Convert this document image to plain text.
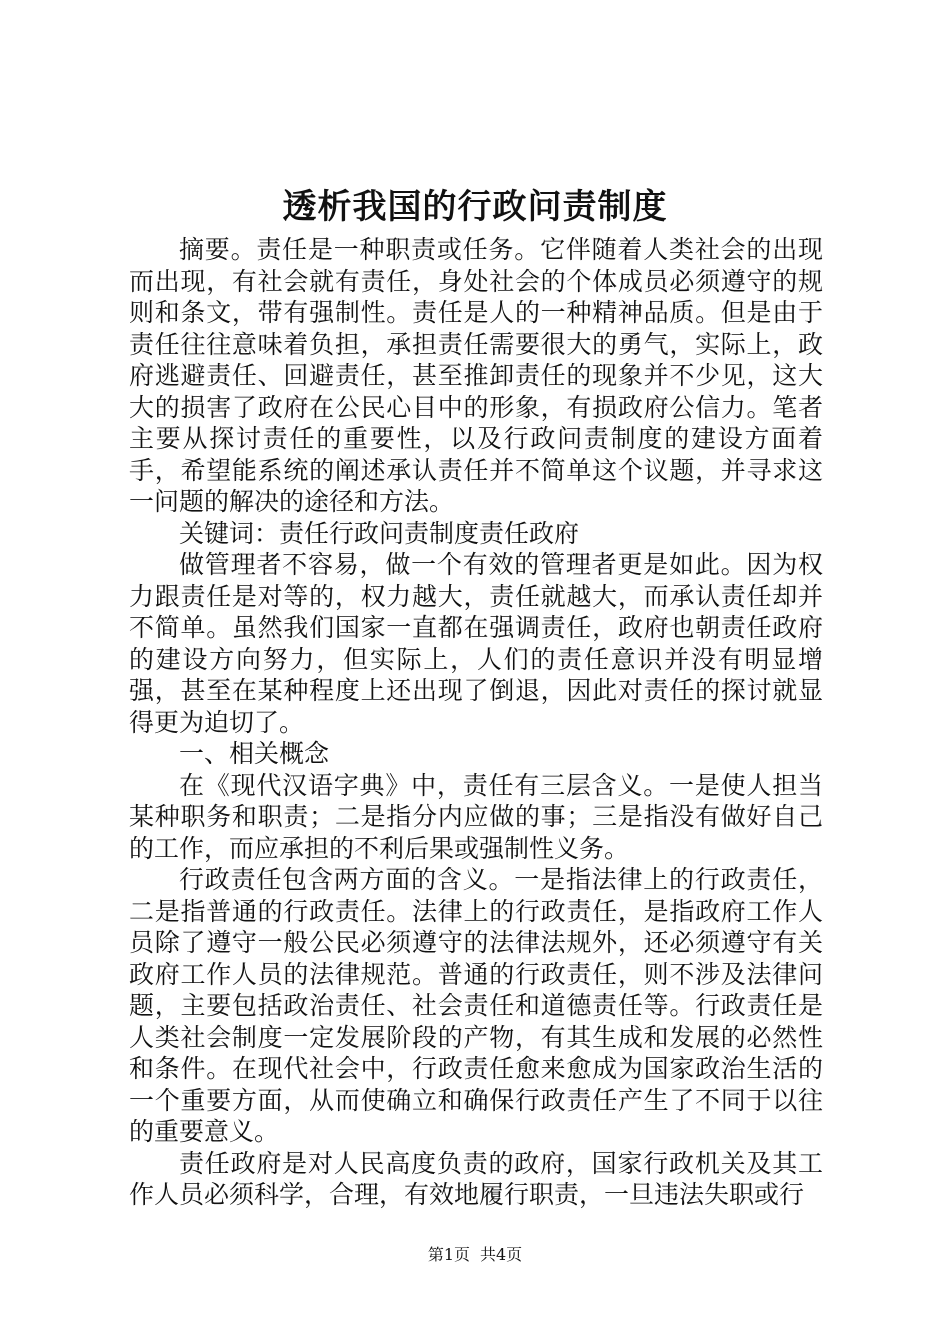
透析我国的行政问责制度

摘要。责任是一种职责或任务。它伴随着人类社会的出现而出现，有社会就有责任，身处社会的个体成员必须遵守的规则和条文，带有强制性。责任是人的一种精神品质。但是由于责任往往意味着负担，承担责任需要很大的勇气，实际上，政府逃避责任、回避责任，甚至推卸责任的现象并不少见，这大大的损害了政府在公民心目中的形象，有损政府公信力。笔者主要从探讨责任的重要性，以及行政问责制度的建设方面着手，希望能系统的阐述承认责任并不简单这个议题，并寻求这一问题的解决的途径和方法。

关键词：责任行政问责制度责任政府

做管理者不容易，做一个有效的管理者更是如此。因为权力跟责任是对等的，权力越大，责任就越大，而承认责任却并不简单。虽然我们国家一直都在强调责任，政府也朝责任政府的建设方向努力，但实际上，人们的责任意识并没有明显增强，甚至在某种程度上还出现了倒退，因此对责任的探讨就显得更为迫切了。

一、相关概念

在《现代汉语字典》中，责任有三层含义。一是使人担当某种职务和职责；二是指分内应做的事；三是指没有做好自己的工作，而应承担的不利后果或强制性义务。

行政责任包含两方面的含义。一是指法律上的行政责任，二是指普通的行政责任。法律上的行政责任，是指政府工作人员除了遵守一般公民必须遵守的法律法规外，还必须遵守有关政府工作人员的法律规范。普通的行政责任，则不涉及法律问题，主要包括政治责任、社会责任和道德责任等。行政责任是人类社会制度一定发展阶段的产物，有其生成和发展的必然性和条件。在现代社会中，行政责任愈来愈成为国家政治生活的一个重要方面，从而使确立和确保行政责任产生了不同于以往的重要意义。

责任政府是对人民高度负责的政府，国家行政机关及其工作人员必须科学，合理，有效地履行职责，一旦违法失职或行

第1页 共4页
